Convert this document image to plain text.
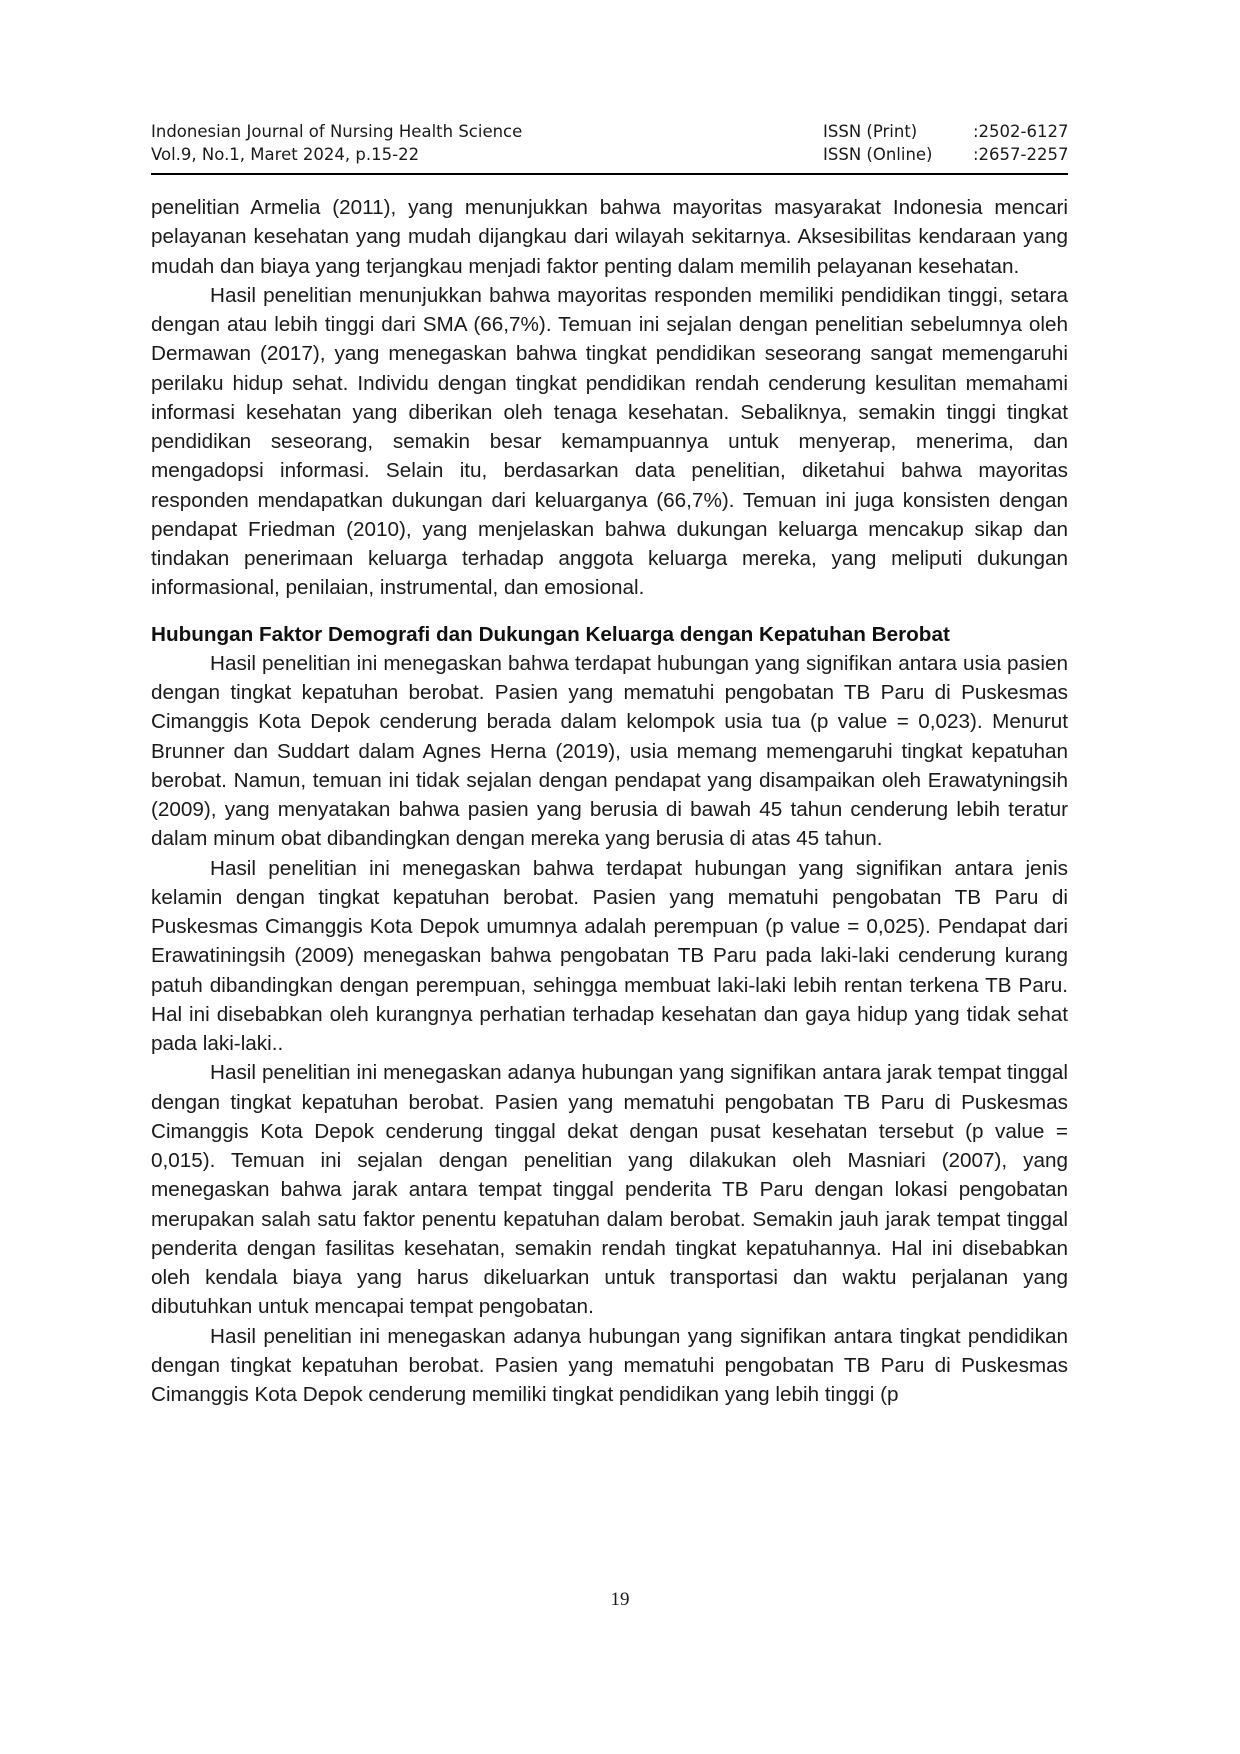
Indonesian Journal of Nursing Health Science
Vol.9, No.1, Maret 2024, p.15-22
ISSN (Print)	:2502-6127
ISSN (Online) :2657-2257

penelitian Armelia (2011), yang menunjukkan bahwa mayoritas masyarakat Indonesia mencari pelayanan kesehatan yang mudah dijangkau dari wilayah sekitarnya. Aksesibilitas kendaraan yang mudah dan biaya yang terjangkau menjadi faktor penting dalam memilih pelayanan kesehatan.

Hasil penelitian menunjukkan bahwa mayoritas responden memiliki pendidikan tinggi, setara dengan atau lebih tinggi dari SMA (66,7%). Temuan ini sejalan dengan penelitian sebelumnya oleh Dermawan (2017), yang menegaskan bahwa tingkat pendidikan seseorang sangat memengaruhi perilaku hidup sehat. Individu dengan tingkat pendidikan rendah cenderung kesulitan memahami informasi kesehatan yang diberikan oleh tenaga kesehatan. Sebaliknya, semakin tinggi tingkat pendidikan seseorang, semakin besar kemampuannya untuk menyerap, menerima, dan mengadopsi informasi. Selain itu, berdasarkan data penelitian, diketahui bahwa mayoritas responden mendapatkan dukungan dari keluarganya (66,7%). Temuan ini juga konsisten dengan pendapat Friedman (2010), yang menjelaskan bahwa dukungan keluarga mencakup sikap dan tindakan penerimaan keluarga terhadap anggota keluarga mereka, yang meliputi dukungan informasional, penilaian, instrumental, dan emosional.

Hubungan Faktor Demografi dan Dukungan Keluarga dengan Kepatuhan Berobat

Hasil penelitian ini menegaskan bahwa terdapat hubungan yang signifikan antara usia pasien dengan tingkat kepatuhan berobat. Pasien yang mematuhi pengobatan TB Paru di Puskesmas Cimanggis Kota Depok cenderung berada dalam kelompok usia tua (p value = 0,023). Menurut Brunner dan Suddart dalam Agnes Herna (2019), usia memang memengaruhi tingkat kepatuhan berobat. Namun, temuan ini tidak sejalan dengan pendapat yang disampaikan oleh Erawatyningsih (2009), yang menyatakan bahwa pasien yang berusia di bawah 45 tahun cenderung lebih teratur dalam minum obat dibandingkan dengan mereka yang berusia di atas 45 tahun.

Hasil penelitian ini menegaskan bahwa terdapat hubungan yang signifikan antara jenis kelamin dengan tingkat kepatuhan berobat. Pasien yang mematuhi pengobatan TB Paru di Puskesmas Cimanggis Kota Depok umumnya adalah perempuan (p value = 0,025). Pendapat dari Erawatiningsih (2009) menegaskan bahwa pengobatan TB Paru pada laki-laki cenderung kurang patuh dibandingkan dengan perempuan, sehingga membuat laki-laki lebih rentan terkena TB Paru. Hal ini disebabkan oleh kurangnya perhatian terhadap kesehatan dan gaya hidup yang tidak sehat pada laki-laki..

Hasil penelitian ini menegaskan adanya hubungan yang signifikan antara jarak tempat tinggal dengan tingkat kepatuhan berobat. Pasien yang mematuhi pengobatan TB Paru di Puskesmas Cimanggis Kota Depok cenderung tinggal dekat dengan pusat kesehatan tersebut (p value = 0,015). Temuan ini sejalan dengan penelitian yang dilakukan oleh Masniari (2007), yang menegaskan bahwa jarak antara tempat tinggal penderita TB Paru dengan lokasi pengobatan merupakan salah satu faktor penentu kepatuhan dalam berobat. Semakin jauh jarak tempat tinggal penderita dengan fasilitas kesehatan, semakin rendah tingkat kepatuhannya. Hal ini disebabkan oleh kendala biaya yang harus dikeluarkan untuk transportasi dan waktu perjalanan yang dibutuhkan untuk mencapai tempat pengobatan.

Hasil penelitian ini menegaskan adanya hubungan yang signifikan antara tingkat pendidikan dengan tingkat kepatuhan berobat. Pasien yang mematuhi pengobatan TB Paru di Puskesmas Cimanggis Kota Depok cenderung memiliki tingkat pendidikan yang lebih tinggi (p

19
